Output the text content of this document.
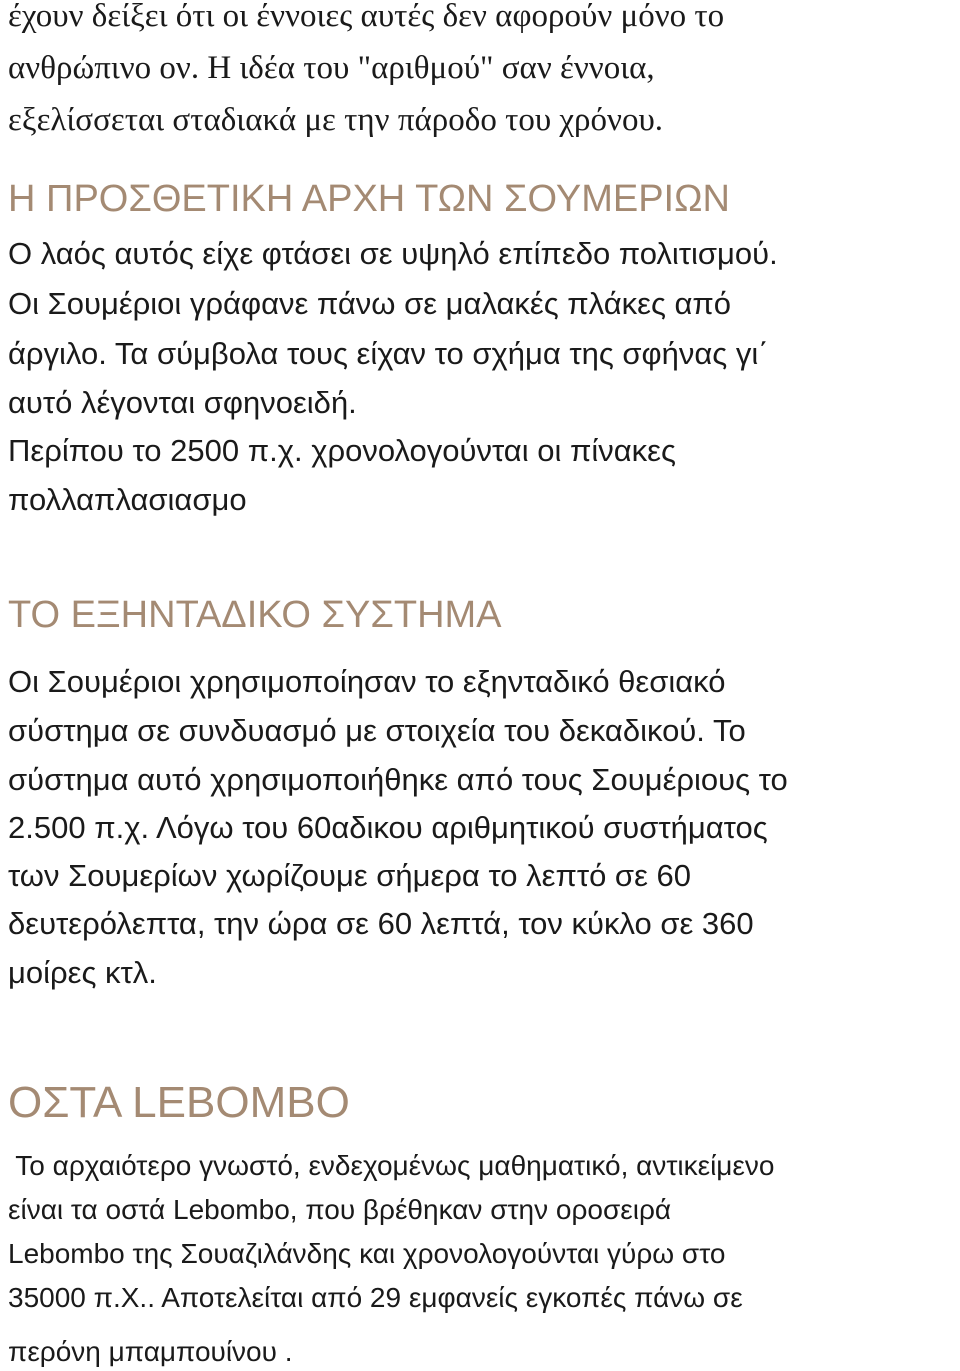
έχουν δείξει ότι οι έννοιες αυτές δεν αφορούν μόνο το

ανθρώπινο ον. Η ιδέα του "αριθμού" σαν έννοια,

εξελίσσεται σταδιακά με την πάροδο του χρόνου.

Η ΠΡΟΣΘΕΤΙΚΗ ΑΡΧΗ ΤΩΝ ΣΟΥΜΕΡΙΩΝ

Ο λαός αυτός είχε φτάσει σε υψηλό επίπεδο πολιτισμού.

Οι Σουμέριοι γράφανε πάνω σε μαλακές πλάκες από

άργιλο. Τα σύμβολα τους είχαν το σχήμα της σφήνας γι΄

αυτό λέγονται σφηνοειδή.

Περίπου το 2500 π.χ. χρονολογούνται οι πίνακες

πολλαπλασιασμο

ΤΟ ΕΞΗΝΤΑΔΙΚΟ ΣΥΣΤΗΜΑ

Οι Σουμέριοι χρησιμοποίησαν το εξηνταδικό θεσιακό

σύστημα σε συνδυασμό με στοιχεία του δεκαδικού. Το

σύστημα αυτό χρησιμοποιήθηκε από τους Σουμέριους το

2.500 π.χ. Λόγω του 60αδικου αριθμητικού συστήματος

των Σουμερίων χωρίζουμε σήμερα το λεπτό σε 60

δευτερόλεπτα, την ώρα σε 60 λεπτά, τον κύκλο σε 360

μοίρες κτλ.

ΟΣΤΑ LEBOMBO

Το αρχαιότερο γνωστό, ενδεχομένως μαθηματικό, αντικείμενο

είναι τα οστά Lebombo, που βρέθηκαν στην οροσειρά

Lebombo της Σουαζιλάνδης και χρονολογούνται γύρω στο

35000 π.Χ.. Αποτελείται από 29 εμφανείς εγκοπές πάνω σε

περόνη μπαμπουίνου .
